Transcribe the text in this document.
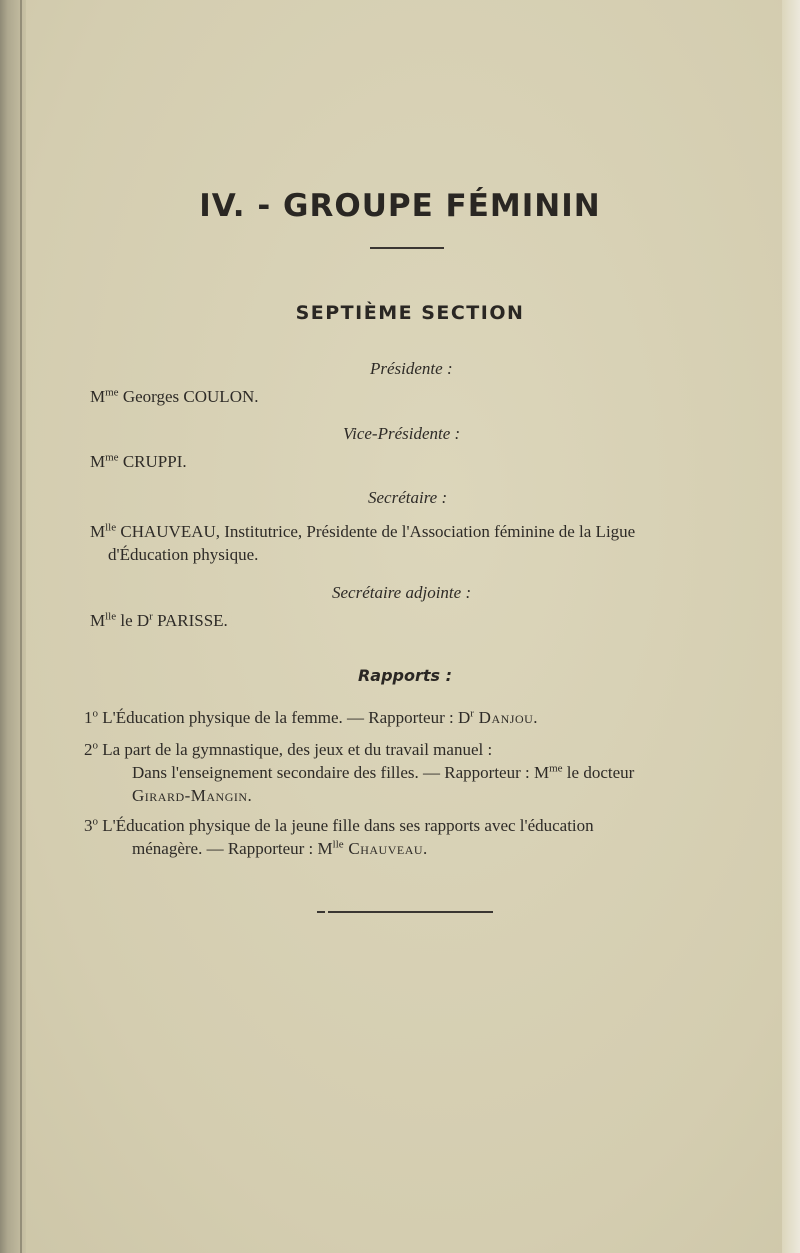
IV. - GROUPE FÉMININ
SEPTIÈME SECTION
Présidente :
$M^{me}$ Georges COULON.
Vice-Présidente :
$M^{me}$ CRUPPI.
Secrétaire :
$M^{lle}$ CHAUVEAU, Institutrice, Présidente de l'Association féminine de la Ligue
d'Éducation physique.
Secrétaire adjointe :
$M^{lle}$ le $D^r$ PARISSE.
Rapports :
1$^o$ L'Éducation physique de la femme. — Rapporteur : $D^r$ Danjou.
2$^o$ La part de la gymnastique, des jeux et du travail manuel :
Dans l'enseignement secondaire des filles. — Rapporteur : $M^{me}$ le docteur
Girard-Mangin.
3$^o$ L'Éducation physique de la jeune fille dans ses rapports avec l'éducation
ménagère. — Rapporteur : $M^{lle}$ Chauveau.
